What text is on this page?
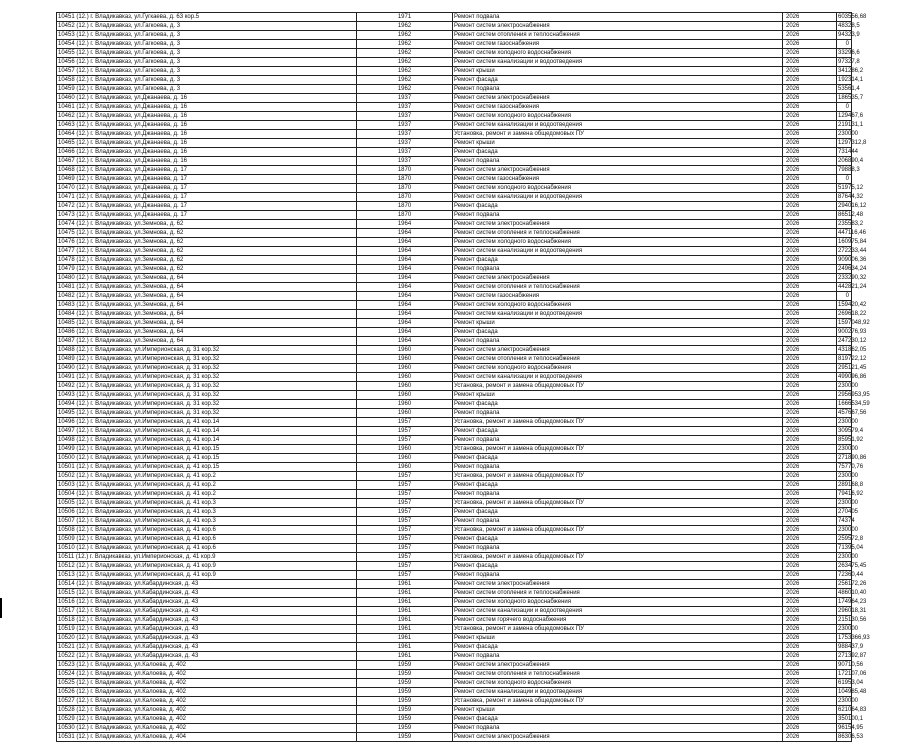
10451 (12.) г. Владикавказ, ул.Гугкаева, д. 63 кор.5	1971	Ремонт подвала	2026	603556,68
10452 (12.) г. Владикавказ, ул.Гагкоева, д. 3	1962	Ремонт систем электроснабжения	2026	48328,5
10453 (12.) г. Владикавказ, ул.Гагкоева, д. 3	1962	Ремонт систем отопления и теплоснабжения	2026	94323,9
10454 (12.) г. Владикавказ, ул.Гагкоева, д. 3	1962	Ремонт систем газоснабжения	2026	0
10455 (12.) г. Владикавказ, ул.Гагкоева, д. 3	1962	Ремонт систем холодного водоснабжения	2026	33296,6
10456 (12.) г. Владикавказ, ул.Гагкоева, д. 3	1962	Ремонт систем канализации и водоотведения	2026	97327,8
10457 (12.) г. Владикавказ, ул.Гагкоева, д. 3	1962	Ремонт крыши	2026	341286,2
10458 (12.) г. Владикавказ, ул.Гагкоева, д. 3	1962	Ремонт фасада	2026	192314,1
10459 (12.) г. Владикавказ, ул.Гагкоева, д. 3	1962	Ремонт подвала	2026	53561,4
10460 (12.) г. Владикавказ, ул.Джанаева, д. 16	1937	Ремонт систем электроснабжения	2026	186535,7
10461 (12.) г. Владикавказ, ул.Джанаева, д. 16	1937	Ремонт систем газоснабжения	2026	0
10462 (12.) г. Владикавказ, ул.Джанаева, д. 16	1937	Ремонт систем холодного водоснабжения	2026	129467,6
10463 (12.) г. Владикавказ, ул.Джанаева, д. 16	1937	Ремонт систем канализации и водоотведения	2026	219131,1
10464 (12.) г. Владикавказ, ул.Джанаева, д. 16	1937	Установка, ремонт и замена общедомовых ПУ	2026	230000
10465 (12.) г. Владикавказ, ул.Джанаева, д. 16	1937	Ремонт крыши	2026	1297312,8
10466 (12.) г. Владикавказ, ул.Джанаева, д. 16	1937	Ремонт фасада	2026	731444
10467 (12.) г. Владикавказ, ул.Джанаева, д. 16	1937	Ремонт подвала	2026	206890,4
10468 (12.) г. Владикавказ, ул.Джанаева, д. 17	1870	Ремонт систем электроснабжения	2026	79888,3
10469 (12.) г. Владикавказ, ул.Джанаева, д. 17	1870	Ремонт систем газоснабжения	2026	0
10470 (12.) г. Владикавказ, ул.Джанаева, д. 17	1870	Ремонт систем холодного водоснабжения	2026	51975,12
10471 (12.) г. Владикавказ, ул.Джанаева, д. 17	1870	Ремонт систем канализации и водоотведения	2026	87644,32
10472 (12.) г. Владикавказ, ул.Джанаева, д. 17	1870	Ремонт фасада	2026	294016,12
10473 (12.) г. Владикавказ, ул.Джанаева, д. 17	1870	Ремонт подвала	2026	86512,48
10474 (12.) г. Владикавказ, ул.Земнова, д. 62	1964	Ремонт систем электроснабжения	2026	235583,2
10475 (12.) г. Владикавказ, ул.Земнова, д. 62	1964	Ремонт систем отопления и теплоснабжения	2026	447116,46
10476 (12.) г. Владикавказ, ул.Земнова, д. 62	1964	Ремонт систем холодного водоснабжения	2026	160975,84
10477 (12.) г. Владикавказ, ул.Земнова, д. 62	1964	Ремонт систем канализации и водоотведения	2026	272233,44
10478 (12.) г. Владикавказ, ул.Земнова, д. 62	1964	Ремонт фасада	2026	909006,36
10479 (12.) г. Владикавказ, ул.Земнова, д. 62	1964	Ремонт подвала	2026	249634,24
10480 (12.) г. Владикавказ, ул.Земнова, д. 64	1964	Ремонт систем электроснабжения	2026	233290,32
10481 (12.) г. Владикавказ, ул.Земнова, д. 64	1964	Ремонт систем отопления и теплоснабжения	2026	442821,24
10482 (12.) г. Владикавказ, ул.Земнова, д. 64	1964	Ремонт систем газоснабжения	2026	0
10483 (12.) г. Владикавказ, ул.Земнова, д. 64	1964	Ремонт систем холодного водоснабжения	2026	159420,42
10484 (12.) г. Владикавказ, ул.Земнова, д. 64	1964	Ремонт систем канализации и водоотведения	2026	269618,22
10485 (12.) г. Владикавказ, ул.Земнова, д. 64	1964	Ремонт крыши	2026	1597048,92
10486 (12.) г. Владикавказ, ул.Земнова, д. 64	1964	Ремонт фасада	2026	900276,93
10487 (12.) г. Владикавказ, ул.Земнова, д. 64	1964	Ремонт подвала	2026	247230,12
10488 (12.) г. Владикавказ, ул.Империонская, д. 31 кор.32	1960	Ремонт систем электроснабжения	2026	431862,05
10489 (12.) г. Владикавказ, ул.Империонская, д. 31 кор.32	1960	Ремонт систем отопления и теплоснабжения	2026	819722,12
10490 (12.) г. Владикавказ, ул.Империонская, д. 31 кор.32	1960	Ремонт систем холодного водоснабжения	2026	295121,45
10491 (12.) г. Владикавказ, ул.Империонская, д. 31 кор.32	1960	Ремонт систем канализации и водоотведения	2026	499096,86
10492 (12.) г. Владикавказ, ул.Империонская, д. 31 кор.32	1960	Установка, ремонт и замена общедомовых ПУ	2026	230000
10493 (12.) г. Владикавказ, ул.Империонская, д. 31 кор.32	1960	Ремонт крыши	2026	2956953,95
10494 (12.) г. Владикавказ, ул.Империонская, д. 31 кор.32	1960	Ремонт фасада	2026	1666534,59
10495 (12.) г. Владикавказ, ул.Империонская, д. 31 кор.32	1960	Ремонт подвала	2026	457667,56
10496 (12.) г. Владикавказ, ул.Империонская, д. 41 кор.14	1957	Установка, ремонт и замена общедомовых ПУ	2026	230000
10497 (12.) г. Владикавказ, ул.Империонская, д. 41 кор.14	1957	Ремонт фасада	2026	309579,4
10498 (12.) г. Владикавказ, ул.Империонская, д. 41 кор.14	1957	Ремонт подвала	2026	85951,92
10499 (12.) г. Владикавказ, ул.Империонская, д. 41 кор.15	1960	Установка, ремонт и замена общедомовых ПУ	2026	230000
10500 (12.) г. Владикавказ, ул.Империонская, д. 41 кор.15	1960	Ремонт фасада	2026	271890,86
10501 (12.) г. Владикавказ, ул.Империонская, д. 41 кор.15	1960	Ремонт подвала	2026	75770,76
10502 (12.) г. Владикавказ, ул.Империонская, д. 41 кор.2	1957	Установка, ремонт и замена общедомовых ПУ	2026	230000
10503 (12.) г. Владикавказ, ул.Империонская, д. 41 кор.2	1957	Ремонт фасада	2026	289168,8
10504 (12.) г. Владикавказ, ул.Империонская, д. 41 кор.2	1957	Ремонт подвала	2026	79416,92
10505 (12.) г. Владикавказ, ул.Империонская, д. 41 кор.3	1957	Установка, ремонт и замена общедомовых ПУ	2026	230000
10506 (12.) г. Владикавказ, ул.Империонская, д. 41 кор.3	1957	Ремонт фасада	2026	270405
10507 (12.) г. Владикавказ, ул.Империонская, д. 41 кор.3	1957	Ремонт подвала	2026	74374
10508 (12.) г. Владикавказ, ул.Империонская, д. 41 кор.6	1957	Установка, ремонт и замена общедомовых ПУ	2026	230000
10509 (12.) г. Владикавказ, ул.Империонская, д. 41 кор.6	1957	Ремонт фасада	2026	259572,8
10510 (12.) г. Владикавказ, ул.Империонская, д. 41 кор.6	1957	Ремонт подвала	2026	71395,04
10511 (12.) г. Владикавказ, ул.Империонская, д. 41 кор.9	1957	Установка, ремонт и замена общедомовых ПУ	2026	230000
10512 (12.) г. Владикавказ, ул.Империонская, д. 41 кор.9	1957	Ремонт фасада	2026	263475,45
10513 (12.) г. Владикавказ, ул.Империонская, д. 41 кор.9	1957	Ремонт подвала	2026	72360,44
10514 (12.) г. Владикавказ, ул.Кабардинская, д. 43	1961	Ремонт систем электроснабжения	2026	256172,26
10515 (12.) г. Владикавказ, ул.Кабардинская, д. 43	1961	Ремонт систем отопления и теплоснабжения	2026	486010,40
10516 (12.) г. Владикавказ, ул.Кабардинская, д. 43	1961	Ремонт систем холодного водоснабжения	2026	174964,23
10517 (12.) г. Владикавказ, ул.Кабардинская, д. 43	1961	Ремонт систем канализации и водоотведения	2026	296018,31
10518 (12.) г. Владикавказ, ул.Кабардинская, д. 43	1961	Ремонт систем горячего водоснабжения	2026	215130,56
10519 (12.) г. Владикавказ, ул.Кабардинская, д. 43	1961	Установка, ремонт и замена общедомовых ПУ	2026	230000
10520 (12.) г. Владикавказ, ул.Кабардинская, д. 43	1961	Ремонт крыши	2026	1753366,93
10521 (12.) г. Владикавказ, ул.Кабардинская, д. 43	1961	Ремонт фасада	2026	988437,9
10522 (12.) г. Владикавказ, ул.Кабардинская, д. 43	1961	Ремонт подвала	2026	271392,87
10523 (12.) г. Владикавказ, ул.Калоева, д. 402	1959	Ремонт систем электроснабжения	2026	90710,56
10524 (12.) г. Владикавказ, ул.Калоева, д. 402	1959	Ремонт систем отопления и теплоснабжения	2026	172107,06
10525 (12.) г. Владикавказ, ул.Калоева, д. 402	1959	Ремонт систем холодного водоснабжения	2026	61953,04
10526 (12.) г. Владикавказ, ул.Калоева, д. 402	1959	Ремонт систем канализации и водоотведения	2026	104985,48
10527 (12.) г. Владикавказ, ул.Калоева, д. 402	1959	Установка, ремонт и замена общедомовых ПУ	2026	230000
10528 (12.) г. Владикавказ, ул.Калоева, д. 402	1959	Ремонт крыши	2026	621064,83
10529 (12.) г. Владикавказ, ул.Калоева, д. 402	1959	Ремонт фасада	2026	350100,1
10530 (12.) г. Владикавказ, ул.Калоева, д. 402	1959	Ремонт подвала	2026	96154,95
10531 (12.) г. Владикавказ, ул.Калоева, д. 404	1959	Ремонт систем электроснабжения	2026	86306,53
